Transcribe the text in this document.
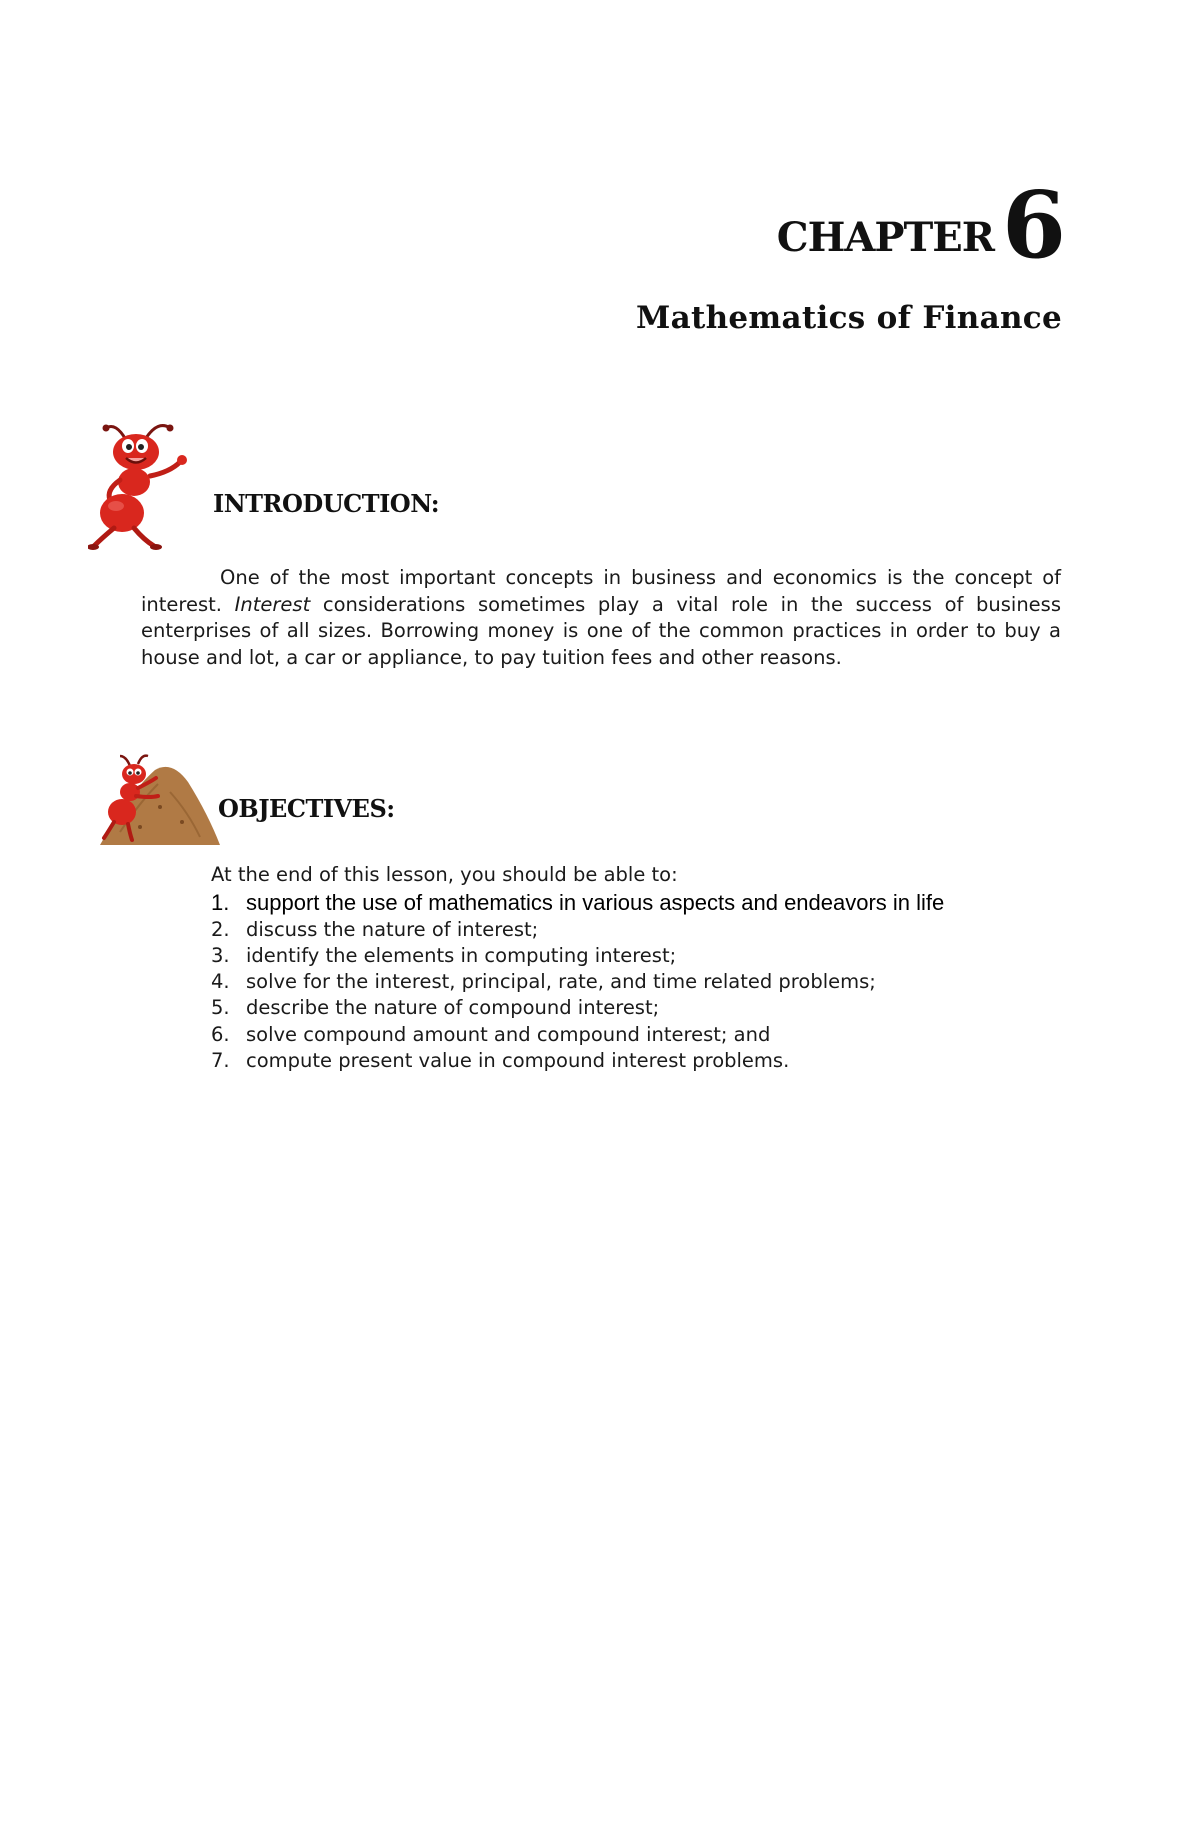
CHAPTER 6
Mathematics of Finance
INTRODUCTION:

One of the most important concepts in business and economics is the concept of interest. Interest considerations sometimes play a vital role in the success of business enterprises of all sizes. Borrowing money is one of the common practices in order to buy a house and lot, a car or appliance, to pay tuition fees and other reasons.

OBJECTIVES:

At the end of this lesson, you should be able to:

1. support the use of mathematics in various aspects and endeavors in life
2. discuss the nature of interest;
3. identify the elements in computing interest;
4. solve for the interest, principal, rate, and time related problems;
5. describe the nature of compound interest;
6. solve compound amount and compound interest; and
7. compute present value in compound interest problems.
